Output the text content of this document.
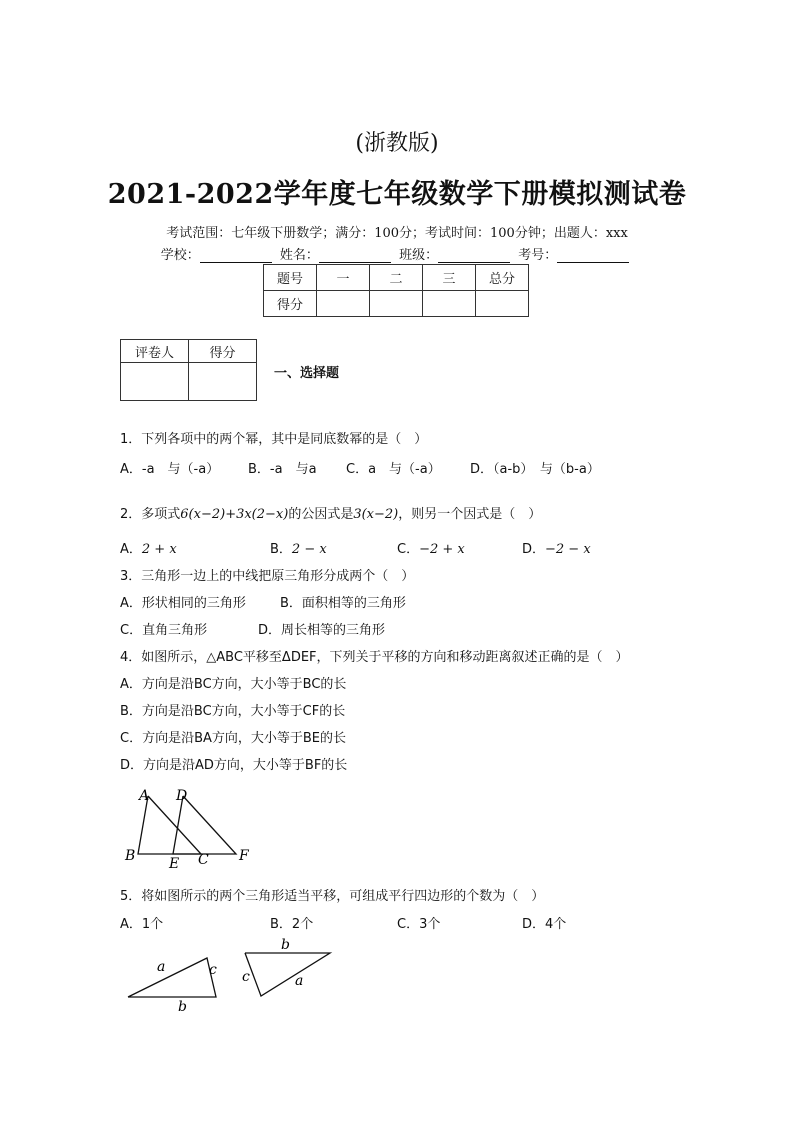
(浙教版)
2021-2022学年度七年级数学下册模拟测试卷
考试范围：七年级下册数学；满分：100分；考试时间：100分钟；出题人：xxx
学校：	姓名：	班级：	考号：
题号	一	二	三	总分
得分				
评卷人	得分

一、选择题
1．下列各项中的两个幂，其中是同底数幂的是（　）
A．-a　与（-a） B．-a　与a C．a　与（-a） D．（a-b）　与（b-a）
2．多项式6(x−2)+3x(2−x)的公因式是3(x−2)，则另一个因式是（　）
A．2 + x	B．2 − x	C．−2 + x	D．−2 − x
3．三角形一边上的中线把原三角形分成两个（　）
A．形状相同的三角形	B．面积相等的三角形
C．直角三角形	D．周长相等的三角形
4．如图所示，△ABC平移至ΔDEF，下列关于平移的方向和移动距离叙述正确的是（　）
A．方向是沿BC方向，大小等于BC的长
B．方向是沿BC方向，大小等于CF的长
C．方向是沿BA方向，大小等于BE的长
D．方向是沿AD方向，大小等于BF的长
A D
B E C F
5．将如图所示的两个三角形适当平移，可组成平行四边形的个数为（　）
A．1个	B．2个	C．3个	D．4个
a	c
b
b
c	a
